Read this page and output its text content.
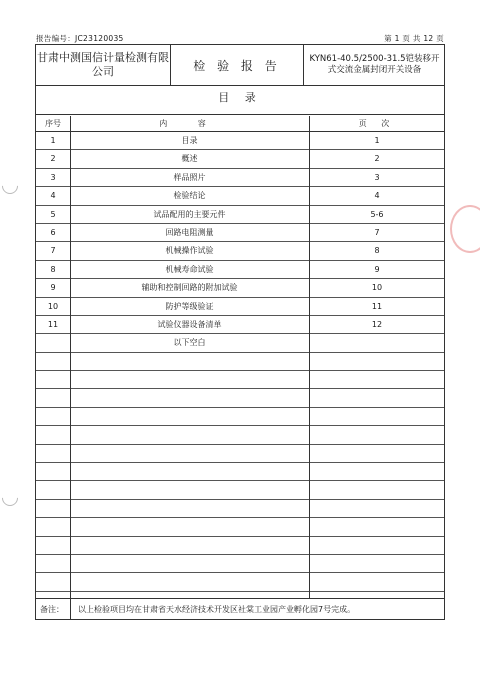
报告编号：JC23120035	第 1 页 共 12 页
甘肃中测国信计量检测有限公司	检 验 报 告	KYN61-40.5/2500-31.5铠装移开式交流金属封闭开关设备
目 录
序号	内 容	页 次
1	目录	1
2	概述	2
3	样品照片	3
4	检验结论	4
5	试品配用的主要元件	5-6
6	回路电阻测量	7
7	机械操作试验	8
8	机械寿命试验	9
9	辅助和控制回路的附加试验	10
10	防护等级验证	11
11	试验仪器设备清单	12
以下空白
备注： 以上检验项目均在甘肃省天水经济技术开发区社棠工业园产业孵化园7号完成。
